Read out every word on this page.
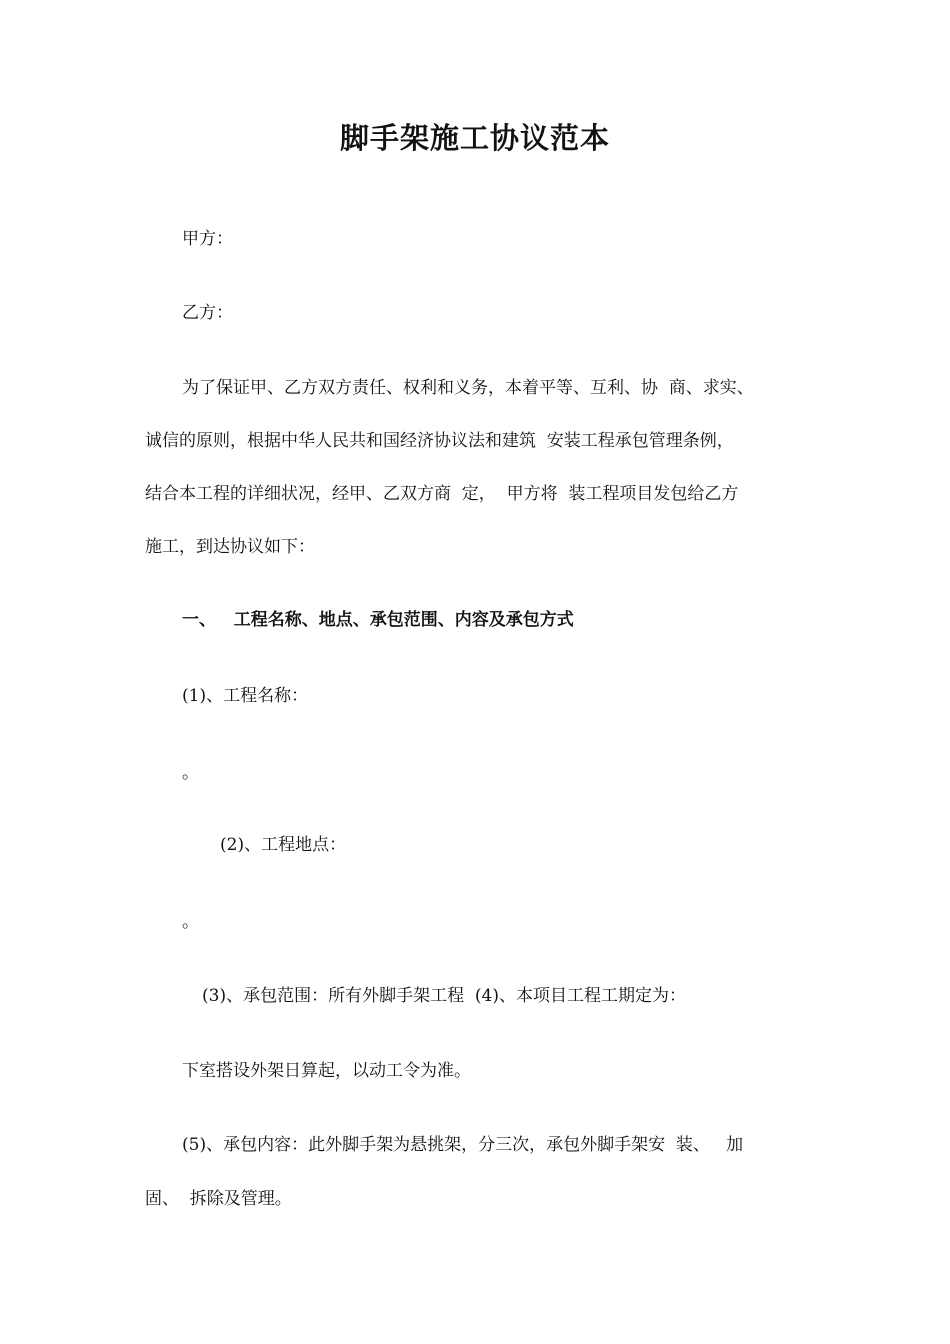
脚手架施工协议范本
甲方：
乙方：
为了保证甲、乙方双方责任、权利和义务，本着平等、互利、协  商、求实、
诚信的原则，根据中华人民共和国经济协议法和建筑  安装工程承包管理条例，
结合本工程的详细状况，经甲、乙双方商  定，  甲方将  装工程项目发包给乙方
施工，到达协议如下：
一、   工程名称、地点、承包范围、内容及承包方式
(1)、工程名称：
。
(2)、工程地点：
。
(3)、承包范围：所有外脚手架工程  (4)、本项目工程工期定为：
下室搭设外架日算起，以动工令为准。
(5)、承包内容：此外脚手架为悬挑架，分三次，承包外脚手架安  装、   加
固、  拆除及管理。
